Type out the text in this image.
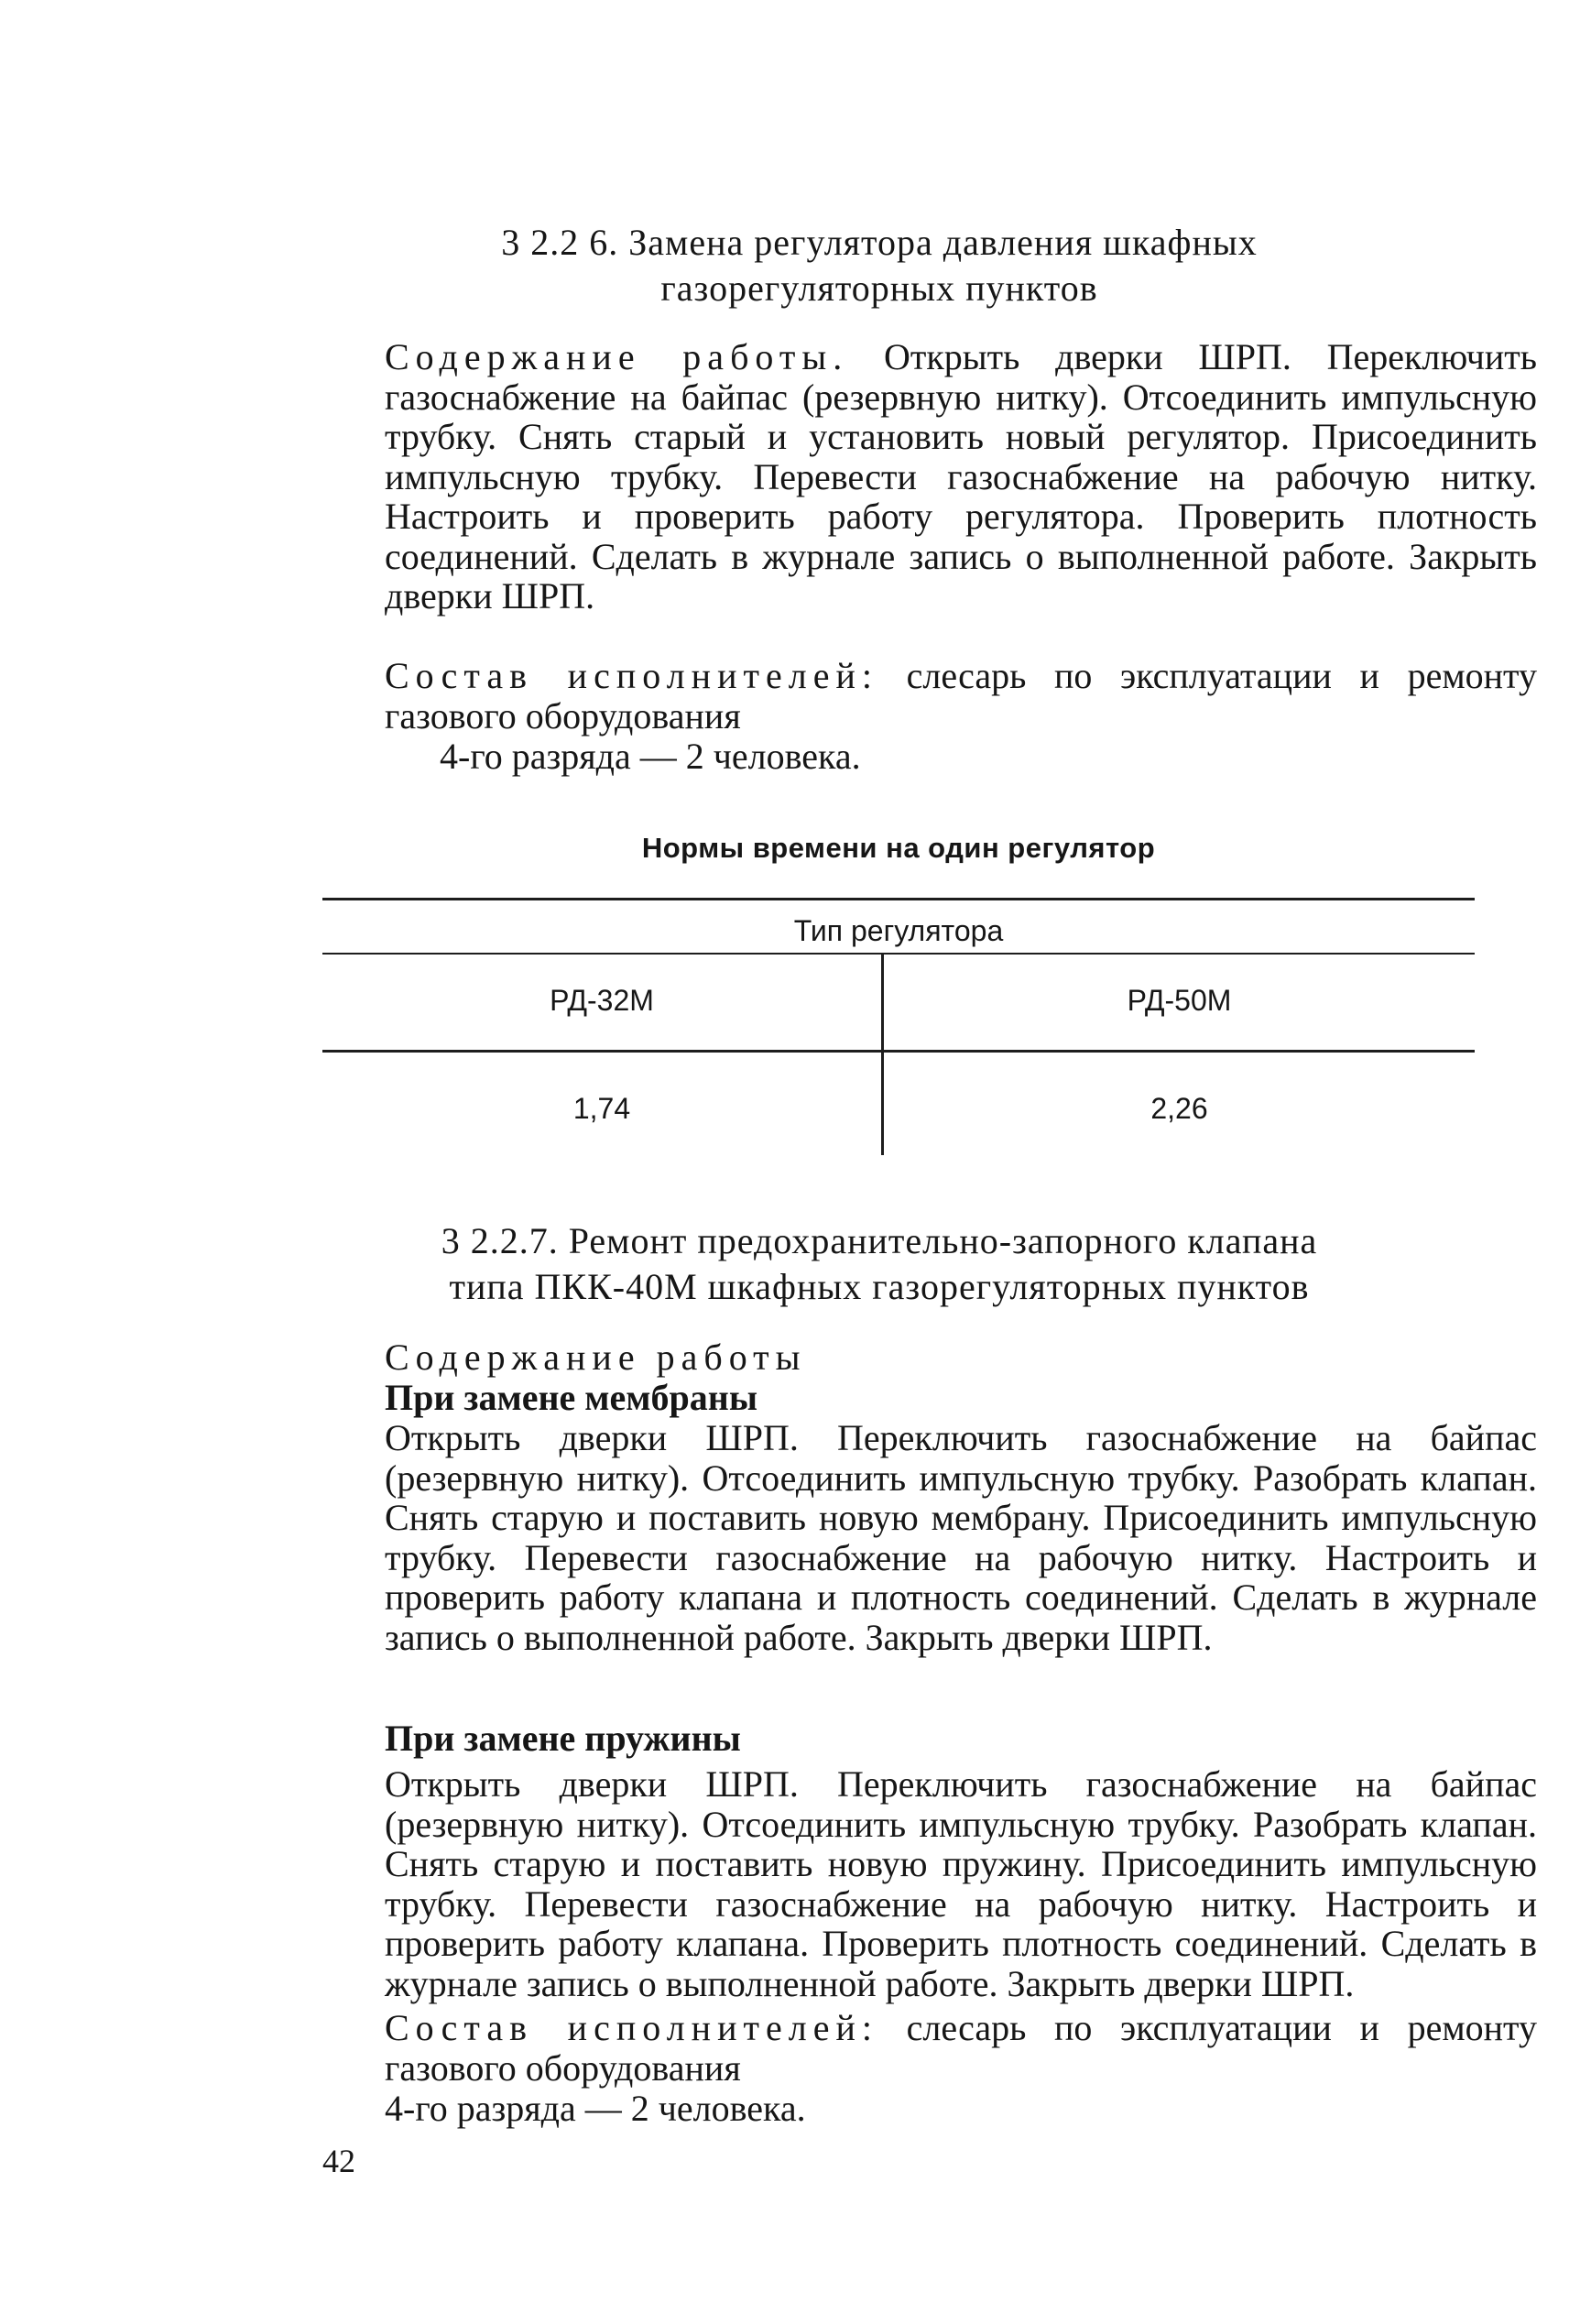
3 2.2 6. Замена регулятора давления шкафных
газорегуляторных пунктов

Содержание работы. Открыть дверки ШРП. Переключить газоснабжение на байпас (резервную нитку). Отсоединить импульсную трубку. Снять старый и установить новый регулятор. Присоединить импульсную трубку. Перевести газоснабжение на рабочую нитку. Настроить и проверить работу регулятора. Проверить плотность соединений. Сделать в журнале запись о выполненной работе. Закрыть дверки ШРП.

Состав исполнителей: слесарь по эксплуатации и ремонту газового оборудования

4-го разряда — 2 человека.

Нормы времени на один регулятор
Тип регулятора
РД-32М	РД-50М
1,74	2,26
3 2.2.7. Ремонт предохранительно-запорного клапана
типа ПКК-40М шкафных газорегуляторных пунктов

Содержание работы

При замене мембраны

Открыть дверки ШРП. Переключить газоснабжение на байпас (резервную нитку). Отсоединить импульсную трубку. Разобрать клапан. Снять старую и поставить новую мембрану. Присоединить импульсную трубку. Перевести газоснабжение на рабочую нитку. Настроить и проверить работу клапана и плотность соединений. Сделать в журнале запись о выполненной работе. Закрыть дверки ШРП.

При замене пружины

Открыть дверки ШРП. Переключить газоснабжение на байпас (резервную нитку). Отсоединить импульсную трубку. Разобрать клапан. Снять старую и поставить новую пружину. Присоединить импульсную трубку. Перевести газоснабжение на рабочую нитку. Настроить и проверить работу клапана. Проверить плотность соединений. Сделать в журнале запись о выполненной работе. Закрыть дверки ШРП.

Состав исполнителей: слесарь по эксплуатации и ремонту газового оборудования

4-го разряда — 2 человека.

42
